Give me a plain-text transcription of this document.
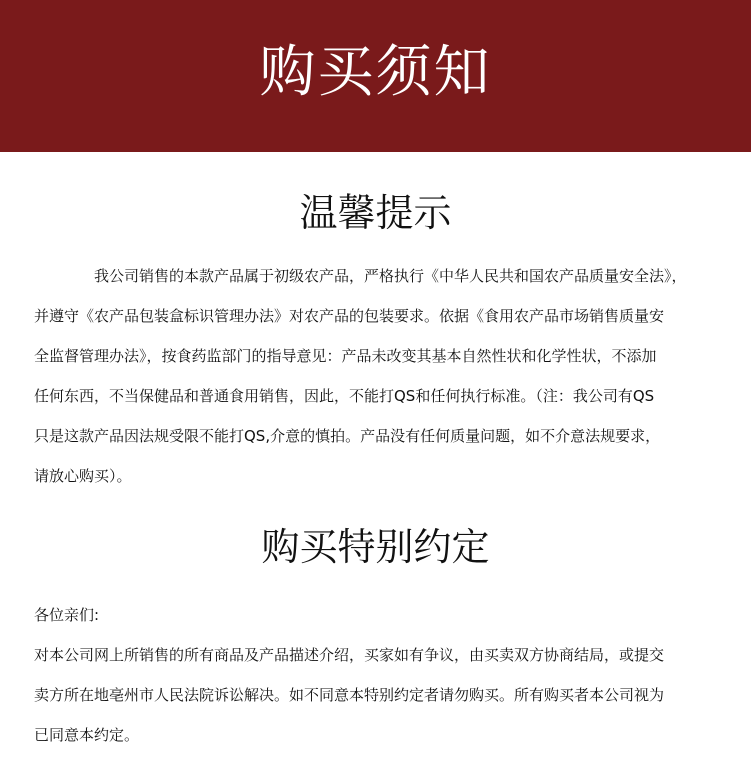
购买须知
温馨提示
我公司销售的本款产品属于初级农产品，严格执行《中华人民共和国农产品质量安全法》，
并遵守《农产品包装盒标识管理办法》对农产品的包装要求。依据《食用农产品市场销售质量安
全监督管理办法》，按食药监部门的指导意见：产品未改变其基本自然性状和化学性状，不添加
任何东西，不当保健品和普通食用销售，因此，不能打QS和任何执行标准。（注：我公司有QS
只是这款产品因法规受限不能打QS,介意的慎拍。产品没有任何质量问题，如不介意法规要求，
请放心购买）。
购买特别约定
各位亲们:
对本公司网上所销售的所有商品及产品描述介绍，买家如有争议，由买卖双方协商结局，或提交
卖方所在地亳州市人民法院诉讼解决。如不同意本特别约定者请勿购买。所有购买者本公司视为
已同意本约定。
